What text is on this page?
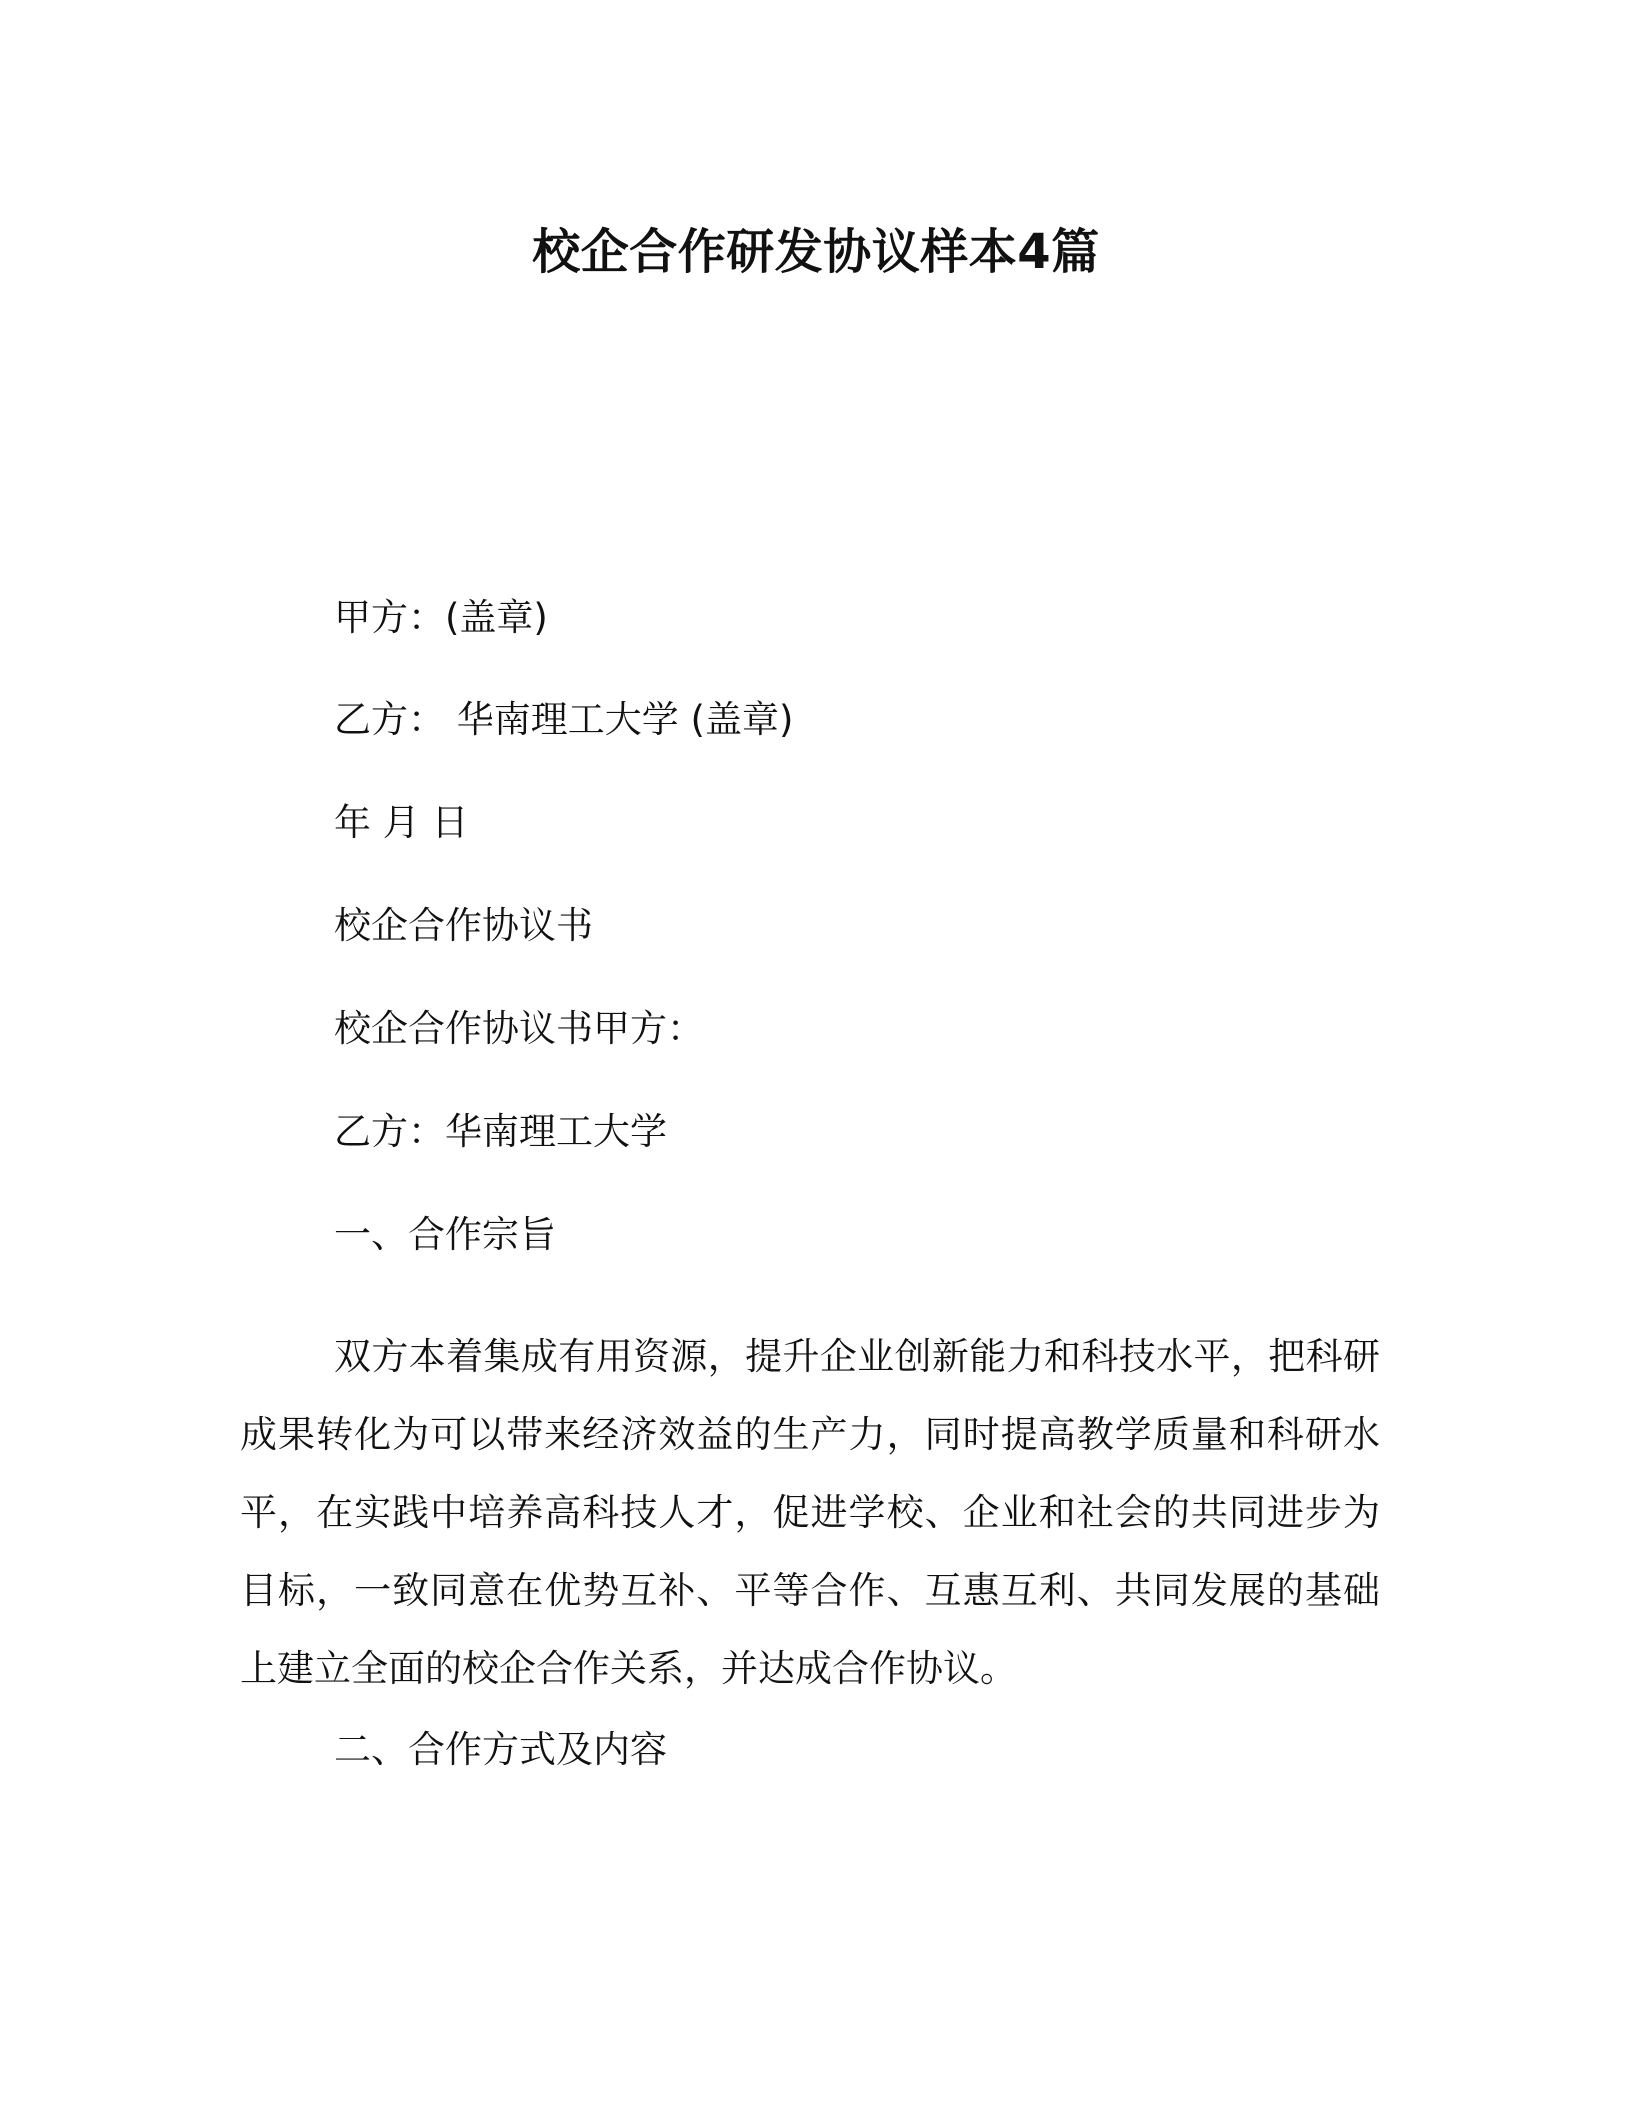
校企合作研发协议样本4篇
甲方：(盖章)
乙方： 华南理工大学 (盖章)
年 月 日
校企合作协议书
校企合作协议书甲方：
乙方：华南理工大学
一、合作宗旨

双方本着集成有用资源，提升企业创新能力和科技水平，把科研成果转化为可以带来经济效益的生产力，同时提高教学质量和科研水平，在实践中培养高科技人才，促进学校、企业和社会的共同进步为目标，一致同意在优势互补、平等合作、互惠互利、共同发展的基础上建立全面的校企合作关系，并达成合作协议。

二、合作方式及内容
